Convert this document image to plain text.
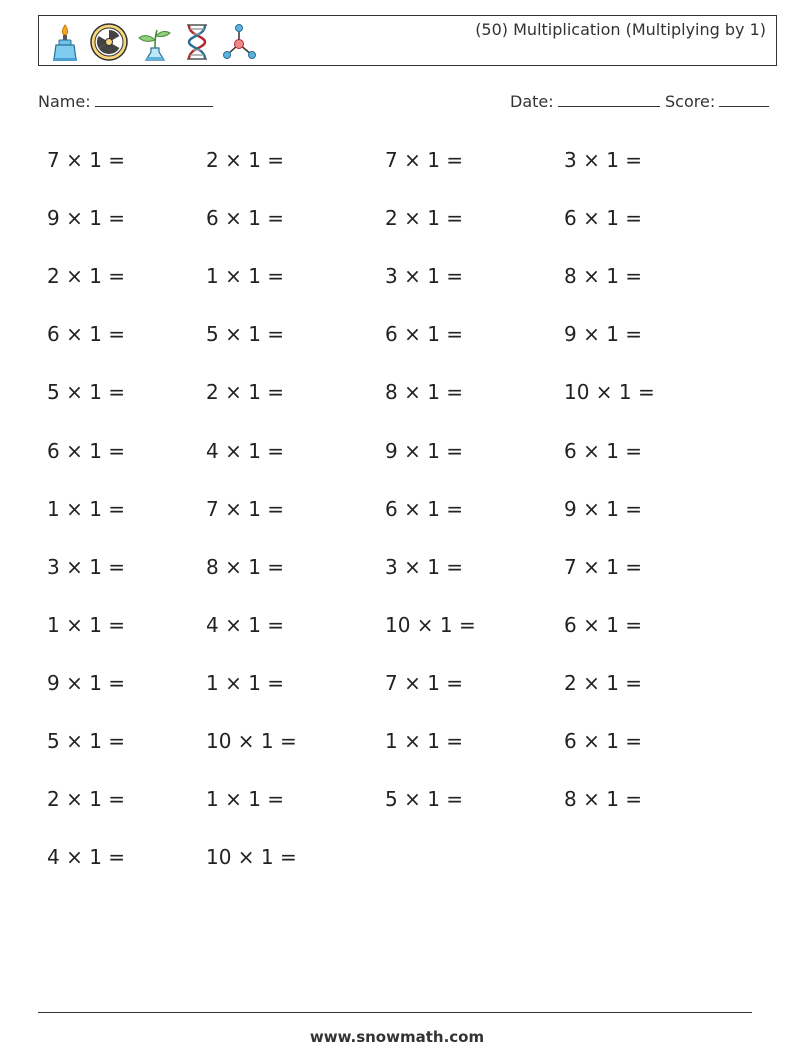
(50) Multiplication (Multiplying by 1)
Name:	Date:	Score:
7 × 1 =	2 × 1 =	7 × 1 =	3 × 1 =
9 × 1 =	6 × 1 =	2 × 1 =	6 × 1 =
2 × 1 =	1 × 1 =	3 × 1 =	8 × 1 =
6 × 1 =	5 × 1 =	6 × 1 =	9 × 1 =
5 × 1 =	2 × 1 =	8 × 1 =	10 × 1 =
6 × 1 =	4 × 1 =	9 × 1 =	6 × 1 =
1 × 1 =	7 × 1 =	6 × 1 =	9 × 1 =
3 × 1 =	8 × 1 =	3 × 1 =	7 × 1 =
1 × 1 =	4 × 1 =	10 × 1 =	6 × 1 =
9 × 1 =	1 × 1 =	7 × 1 =	2 × 1 =
5 × 1 =	10 × 1 =	1 × 1 =	6 × 1 =
2 × 1 =	1 × 1 =	5 × 1 =	8 × 1 =
4 × 1 =	10 × 1 =
www.snowmath.com
